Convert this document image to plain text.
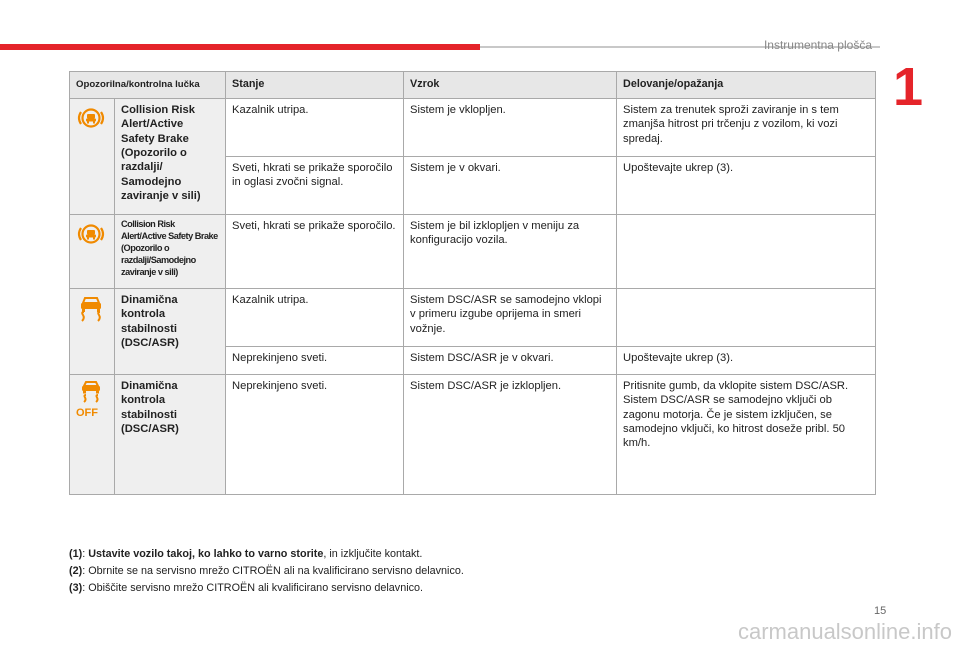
Instrumentna plošča
1
Opozorilna/kontrolna lučka		Stanje	Vzrok	Delovanje/opažanja
	Collision Risk Alert/Active Safety Brake (Opozorilo o razdalji/ Samodejno zaviranje v sili)	Kazalnik utripa.	Sistem je vklopljen.	Sistem za trenutek sproži zaviranje in s tem zmanjša hitrost pri trčenju z vozilom, ki vozi spredaj.
		Sveti, hkrati se prikaže sporočilo in oglasi zvočni signal.	Sistem je v okvari.	Upoštevajte ukrep (3).
	Collision Risk Alert/Active Safety Brake (Opozorilo o razdalji/Samodejno zaviranje v sili)	Sveti, hkrati se prikaže sporočilo.	Sistem je bil izklopljen v meniju za konfiguracijo vozila.	
	Dinamična kontrola stabilnosti (DSC/ASR)	Kazalnik utripa.	Sistem DSC/ASR se samodejno vklopi v primeru izgube oprijema in smeri vožnje.	
		Neprekinjeno sveti.	Sistem DSC/ASR je v okvari.	Upoštevajte ukrep (3).

OFF	Dinamična kontrola stabilnosti (DSC/ASR)	Neprekinjeno sveti.	Sistem DSC/ASR je izklopljen.	Pritisnite gumb, da vklopite sistem DSC/ASR. Sistem DSC/ASR se samodejno vključi ob zagonu motorja. Če je sistem izključen, se samodejno vključi, ko hitrost doseže pribl. 50 km/h.
(1): Ustavite vozilo takoj, ko lahko to varno storite, in izključite kontakt.
(2): Obrnite se na servisno mrežo CITROËN ali na kvalificirano servisno delavnico.
(3): Obiščite servisno mrežo CITROËN ali kvalificirano servisno delavnico.
15
carmanualsonline.info
